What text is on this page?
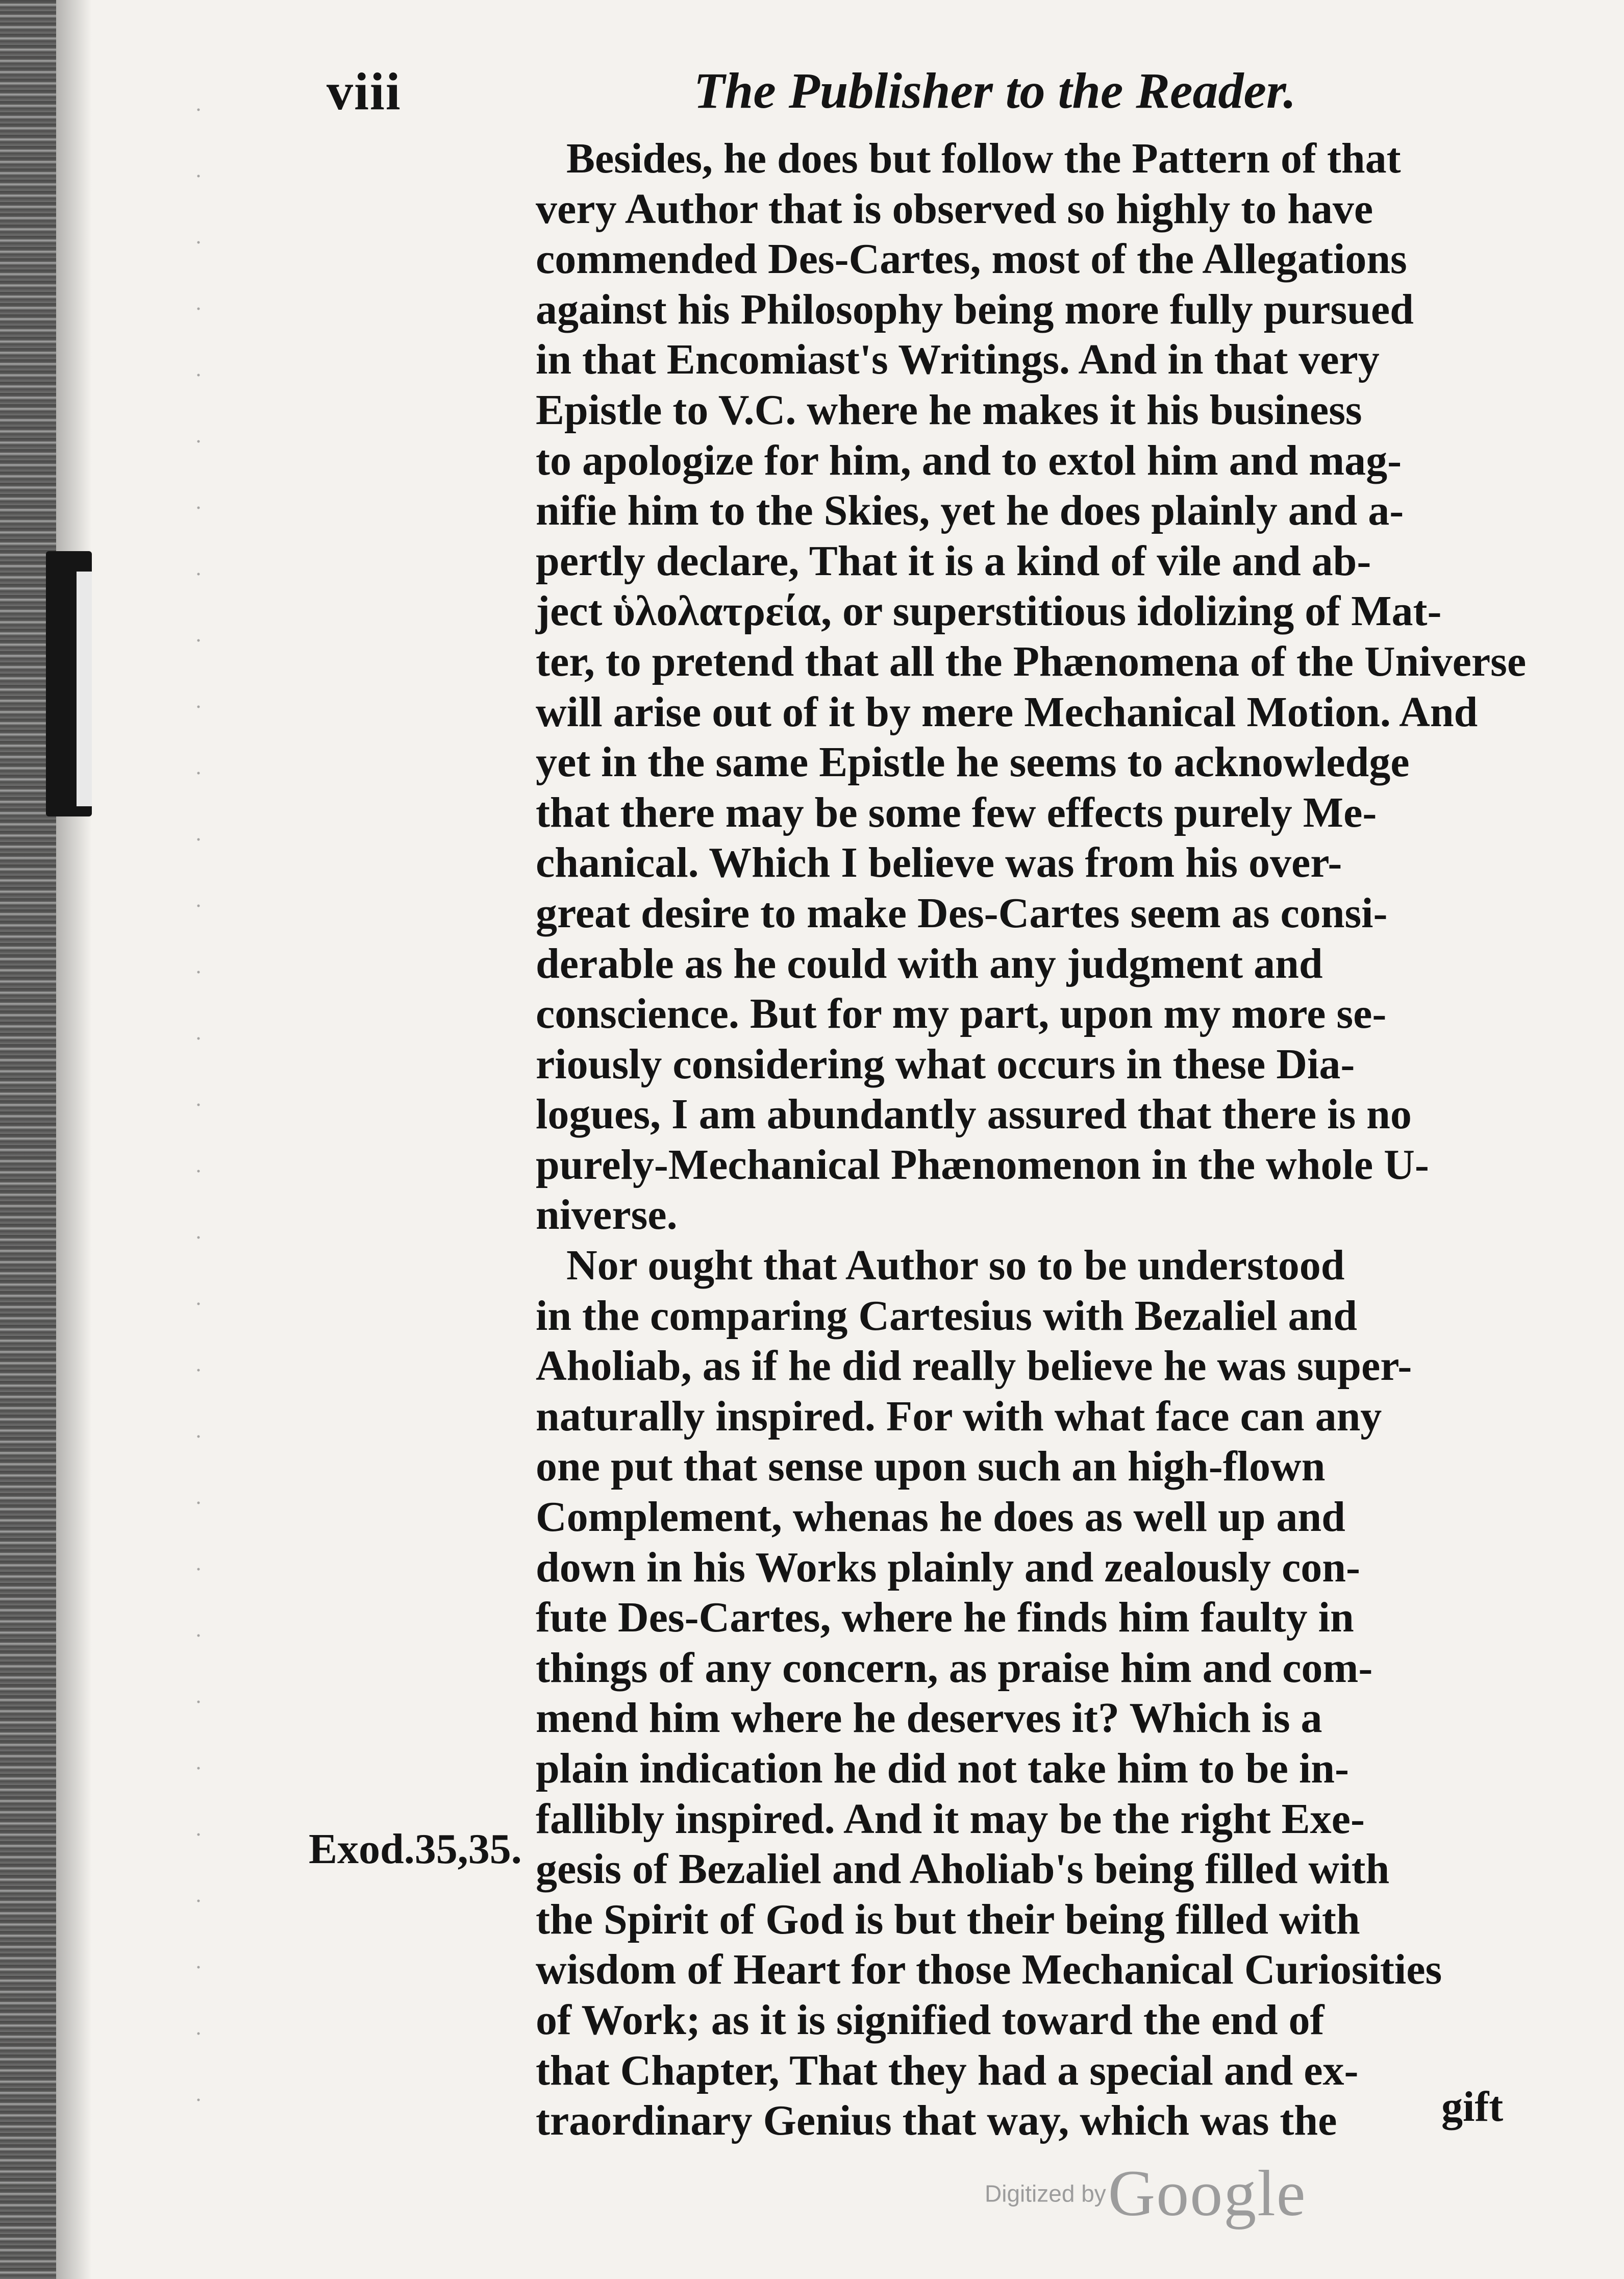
viii	The Publisher to the Reader.
Besides, he does but follow the Pattern of that
very Author that is observed so highly to have
commended Des-Cartes, most of the Allegations
against his Philosophy being more fully pursued
in that Encomiast's Writings. And in that very
Epistle to V.C. where he makes it his business
to apologize for him, and to extol him and mag-
nifie him to the Skies, yet he does plainly and a-
pertly declare, That it is a kind of vile and ab-
ject ὑλολατρεία, or superstitious idolizing of Mat-
ter, to pretend that all the Phænomena of the Universe
will arise out of it by mere Mechanical Motion. And
yet in the same Epistle he seems to acknowledge
that there may be some few effects purely Me-
chanical. Which I believe was from his over-
great desire to make Des-Cartes seem as consi-
derable as he could with any judgment and
conscience. But for my part, upon my more se-
riously considering what occurs in these Dia-
logues, I am abundantly assured that there is no
purely-Mechanical Phænomenon in the whole U-
niverse.
Nor ought that Author so to be understood
in the comparing Cartesius with Bezaliel and
Aholiab, as if he did really believe he was super-
naturally inspired. For with what face can any
one put that sense upon such an high-flown
Complement, whenas he does as well up and
down in his Works plainly and zealously con-
fute Des-Cartes, where he finds him faulty in
things of any concern, as praise him and com-
mend him where he deserves it? Which is a
plain indication he did not take him to be in-
fallibly inspired. And it may be the right Exe-
gesis of Bezaliel and Aholiab's being filled with
the Spirit of God is but their being filled with
wisdom of Heart for those Mechanical Curiosities
of Work; as it is signified toward the end of
that Chapter, That they had a special and ex-
traordinary Genius that way, which was the
Exod.35,35.
gift
Digitized by Google
